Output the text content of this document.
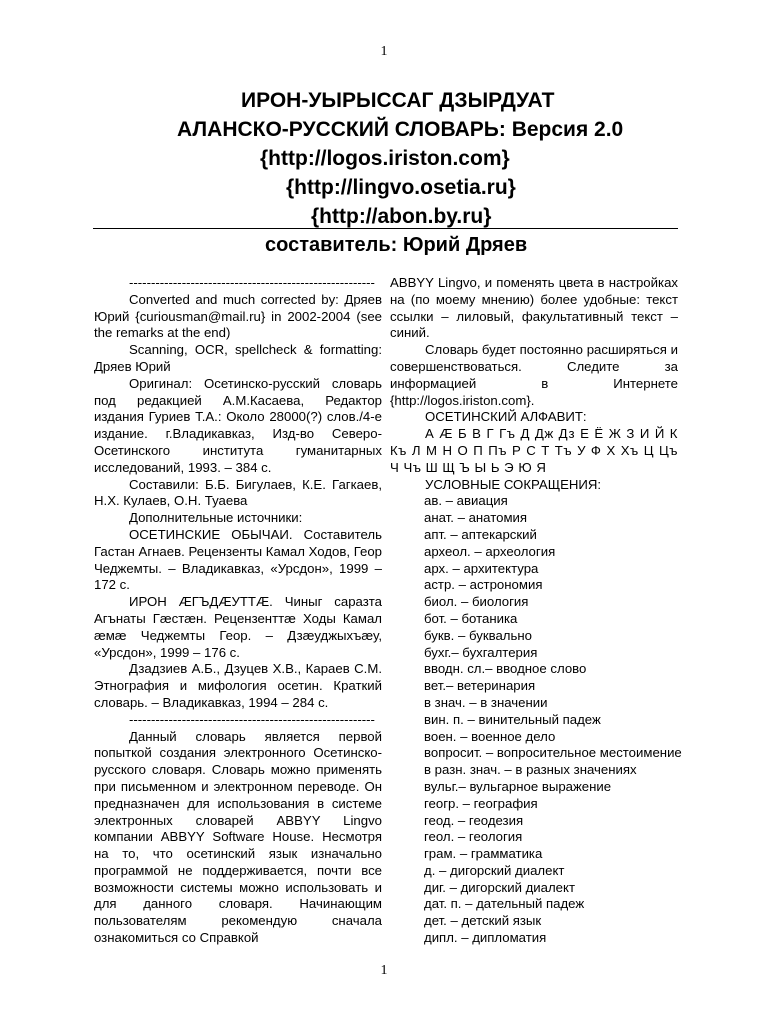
1
ИРОН-УЫРЫССАГ ДЗЫРДУАТ
АЛАНСКО-РУССКИЙ СЛОВАРЬ: Версия 2.0
{http://logos.iriston.com}
{http://lingvo.osetia.ru}
{http://abon.by.ru}
составитель: Юрий Дряев

--------------------------------------------------------

Converted and much corrected by: Дряев Юрий {curiousman@mail.ru} in 2002-2004 (see the remarks at the end)

Scanning, OCR, spellcheck & formatting: Дряев Юрий

Оригинал: Осетинско-русский словарь под редакцией А.М.Касаева, Редактор издания Гуриев Т.А.: Около 28000(?) слов./4-е издание. г.Владикавказ, Изд-во Северо-Осетинского института гуманитарных исследований, 1993. – 384 с.

Составили: Б.Б. Бигулаев, К.Е. Гагкаев, Н.Х. Кулаев, О.Н. Туаева

Дополнительные источники:

ОСЕТИНСКИЕ ОБЫЧАИ. Составитель Гастан Агнаев. Рецензенты Камал Ходов, Геор Чеджемты. – Владикавказ, «Урсдон», 1999 – 172 с.

ИРОН ÆГЪДÆУТТÆ. Чиныг саразта Агънаты Гæстæн. Рецензенттæ Ходы Камал æмæ Чеджемты Геор. – Дзæуджыхъæу, «Урсдон», 1999 – 176 с.

Дзадзиев А.Б., Дзуцев Х.В., Караев С.М. Этнография и мифология осетин. Краткий словарь. – Владикавказ, 1994 – 284 с.

--------------------------------------------------------

Данный словарь является первой попыткой создания электронного Осетинско-русского словаря. Словарь можно применять при письменном и электронном переводе. Он предназначен для использования в системе электронных словарей ABBYY Lingvo компании ABBYY Software House. Несмотря на то, что осетинский язык изначально программой не поддерживается, почти все возможности системы можно использовать и для данного словаря. Начинающим пользователям рекомендую сначала ознакомиться со Справкой

ABBYY Lingvo, и поменять цвета в настройках на (по моему мнению) более удобные: текст ссылки – лиловый, факультативный текст – синий.

Словарь будет постоянно расширяться и совершенствоваться. Следите за информацией в Интернете {http://logos.iriston.com}.

ОСЕТИНСКИЙ АЛФАВИТ:

А Æ Б В Г Гъ Д Дж Дз Е Ё Ж З И Й К Къ Л М Н О П Пъ Р С Т Тъ У Ф Х Хъ Ц Цъ Ч Чъ Ш Щ Ъ Ы Ь Э Ю Я

УСЛОВНЫЕ СОКРАЩЕНИЯ:

ав. – авиация
анат. – анатомия
апт. – аптекарский
археол. – археология
арх. – архитектура
астр. – астрономия
биол. – биология
бот. – ботаника
букв. – буквально
бухг.– бухгалтерия
вводн. сл.– вводное слово
вет.– ветеринария
в знач. – в значении
вин. п. – винительный падеж
воен. – военное дело
вопросит. – вопросительное местоимение
в разн. знач. – в разных значениях
вульг.– вульгарное выражение
геогр. – география
геод. – геодезия
геол. – геология
грам. – грамматика
д. – дигорский диалект
диг. – дигорский диалект
дат. п. – дательный падеж
дет. – детский язык
дипл. – дипломатия
1
